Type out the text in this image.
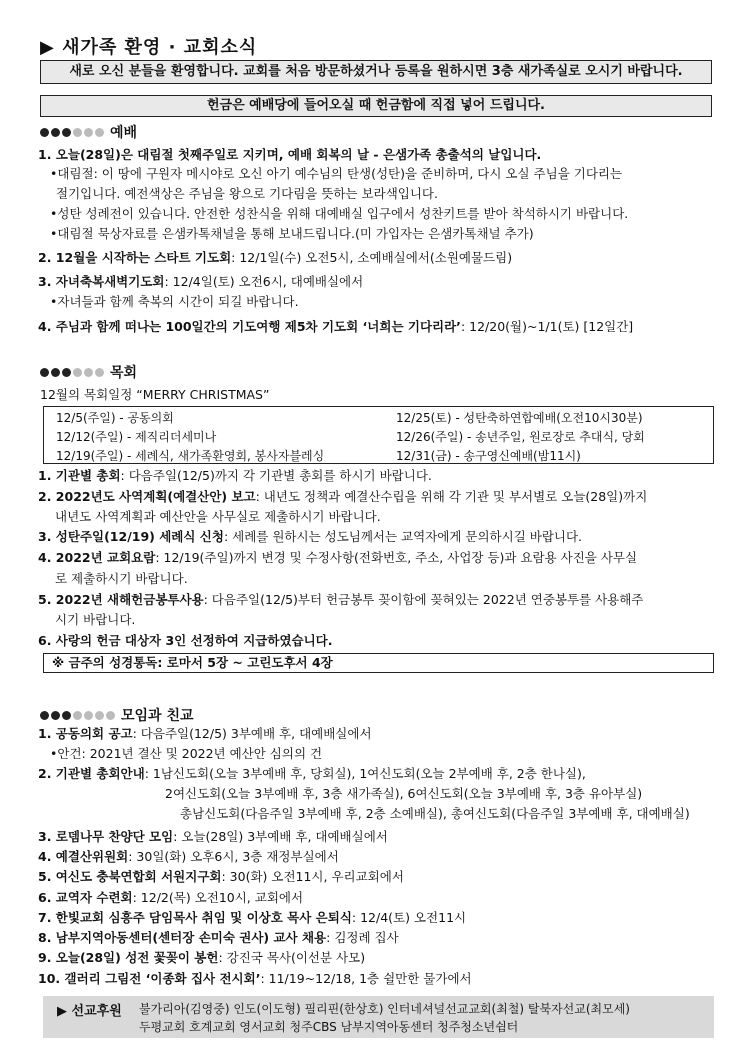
▶ 새가족 환영 · 교회소식
새로 오신 분들을 환영합니다. 교회를 처음 방문하셨거나 등록을 원하시면 3층 새가족실로 오시기 바랍니다.
헌금은 예배당에 들어오실 때 헌금함에 직접 넣어 드립니다.
예배
1. 오늘(28일)은 대림절 첫째주일로 지키며, 예배 회복의 날 - 은샘가족 총출석의 날입니다.
•대림절: 이 땅에 구원자 메시야로 오신 아기 예수님의 탄생(성탄)을 준비하며, 다시 오실 주님을 기다리는
절기입니다. 예전색상은 주님을 왕으로 기다림을 뜻하는 보라색입니다.
•성탄 성례전이 있습니다. 안전한 성찬식을 위해 대예배실 입구에서 성찬키트를 받아 착석하시기 바랍니다.
•대림절 묵상자료를 은샘카톡채널을 통해 보내드립니다.(미 가입자는 은샘카톡채널 추가)
2. 12월을 시작하는 스타트 기도회: 12/1일(수) 오전5시, 소예배실에서(소원예물드림)
3. 자녀축복새벽기도회: 12/4일(토) 오전6시, 대예배실에서
•자녀들과 함께 축복의 시간이 되길 바랍니다.
4. 주님과 함께 떠나는 100일간의 기도여행 제5차 기도회 ‘너희는 기다리라’: 12/20(월)~1/1(토) [12일간]
목회
12월의 목회일정 “MERRY CHRISTMAS”
12/5(주일) - 공동의회
12/12(주일) - 제직리더세미나
12/19(주일) - 세례식, 새가족환영회, 봉사자블레싱
12/25(토) - 성탄축하연합예배(오전10시30분)
12/26(주일) - 송년주일, 원로장로 추대식, 당회
12/31(금) - 송구영신예배(밤11시)
1. 기관별 총회: 다음주일(12/5)까지 각 기관별 총회를 하시기 바랍니다.
2. 2022년도 사역계획(예결산안) 보고: 내년도 정책과 예결산수립을 위해 각 기관 및 부서별로 오늘(28일)까지
내년도 사역계획과 예산안을 사무실로 제출하시기 바랍니다.
3. 성탄주일(12/19) 세례식 신청: 세례를 원하시는 성도님께서는 교역자에게 문의하시길 바랍니다.
4. 2022년 교회요람: 12/19(주일)까지 변경 및 수정사항(전화번호, 주소, 사업장 등)과 요람용 사진을 사무실
로 제출하시기 바랍니다.
5. 2022년 새해헌금봉투사용: 다음주일(12/5)부터 헌금봉투 꽂이함에 꽂혀있는 2022년 연중봉투를 사용해주
시기 바랍니다.
6. 사랑의 헌금 대상자 3인 선정하여 지급하였습니다.
※ 금주의 성경통독: 로마서 5장 ~ 고린도후서 4장
모임과 친교
1. 공동의회 공고: 다음주일(12/5) 3부예배 후, 대예배실에서
•안건: 2021년 결산 및 2022년 예산안 심의의 건
2. 기관별 총회안내: 1남신도회(오늘 3부예배 후, 당회실), 1여신도회(오늘 2부예배 후, 2층 한나실),
2여신도회(오늘 3부예배 후, 3층 새가족실), 6여신도회(오늘 3부예배 후, 3층 유아부실)
총남신도회(다음주일 3부예배 후, 2층 소예배실), 총여신도회(다음주일 3부예배 후, 대예배실)
3. 로뎀나무 찬양단 모임: 오늘(28일) 3부예배 후, 대예배실에서
4. 예결산위원회: 30일(화) 오후6시, 3층 재정부실에서
5. 여신도 충북연합회 서원지구회: 30(화) 오전11시, 우리교회에서
6. 교역자 수련회: 12/2(목) 오전10시, 교회에서
7. 한빛교회 심흥주 담임목사 취임 및 이상호 목사 은퇴식: 12/4(토) 오전11시
8. 남부지역아동센터(센터장 손미숙 권사) 교사 채용: 김정례 집사
9. 오늘(28일) 성전 꽃꽂이 봉헌: 강진국 목사(이선분 사모)
10. 갤러리 그림전 ‘이종화 집사 전시회’: 11/19~12/18, 1층 쉴만한 물가에서
▶ 선교후원 불가리아(김영중) 인도(이도형) 필리핀(한상호) 인터네셔널선교교회(최철) 탈북자선교(최모세)
두평교회 호계교회 영서교회 청주CBS 남부지역아동센터 청주청소년쉼터
